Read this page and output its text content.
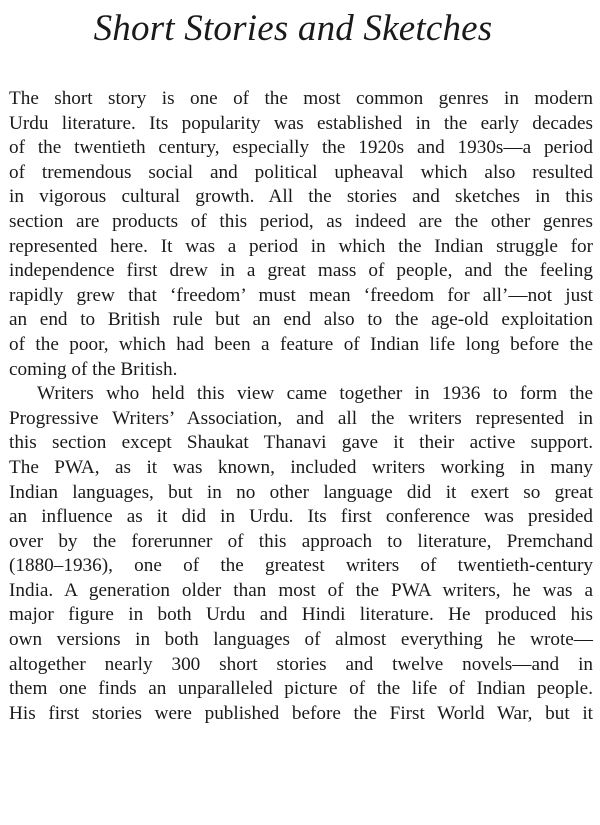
Short Stories and Sketches
The short story is one of the most common genres in modern
Urdu literature. Its popularity was established in the early decades
of the twentieth century, especially the 1920s and 1930s—a period
of tremendous social and political upheaval which also resulted
in vigorous cultural growth. All the stories and sketches in this
section are products of this period, as indeed are the other genres
represented here. It was a period in which the Indian struggle for
independence first drew in a great mass of people, and the feeling
rapidly grew that ‘freedom’ must mean ‘freedom for all’—not just
an end to British rule but an end also to the age-old exploitation
of the poor, which had been a feature of Indian life long before the
coming of the British.
Writers who held this view came together in 1936 to form the
Progressive Writers’ Association, and all the writers represented in
this section except Shaukat Thanavi gave it their active support.
The PWA, as it was known, included writers working in many
Indian languages, but in no other language did it exert so great
an influence as it did in Urdu. Its first conference was presided
over by the forerunner of this approach to literature, Premchand
(1880–1936), one of the greatest writers of twentieth-century
India. A generation older than most of the PWA writers, he was a
major figure in both Urdu and Hindi literature. He produced his
own versions in both languages of almost everything he wrote—
altogether nearly 300 short stories and twelve novels—and in
them one finds an unparalleled picture of the life of Indian people.
His first stories were published before the First World War, but it
